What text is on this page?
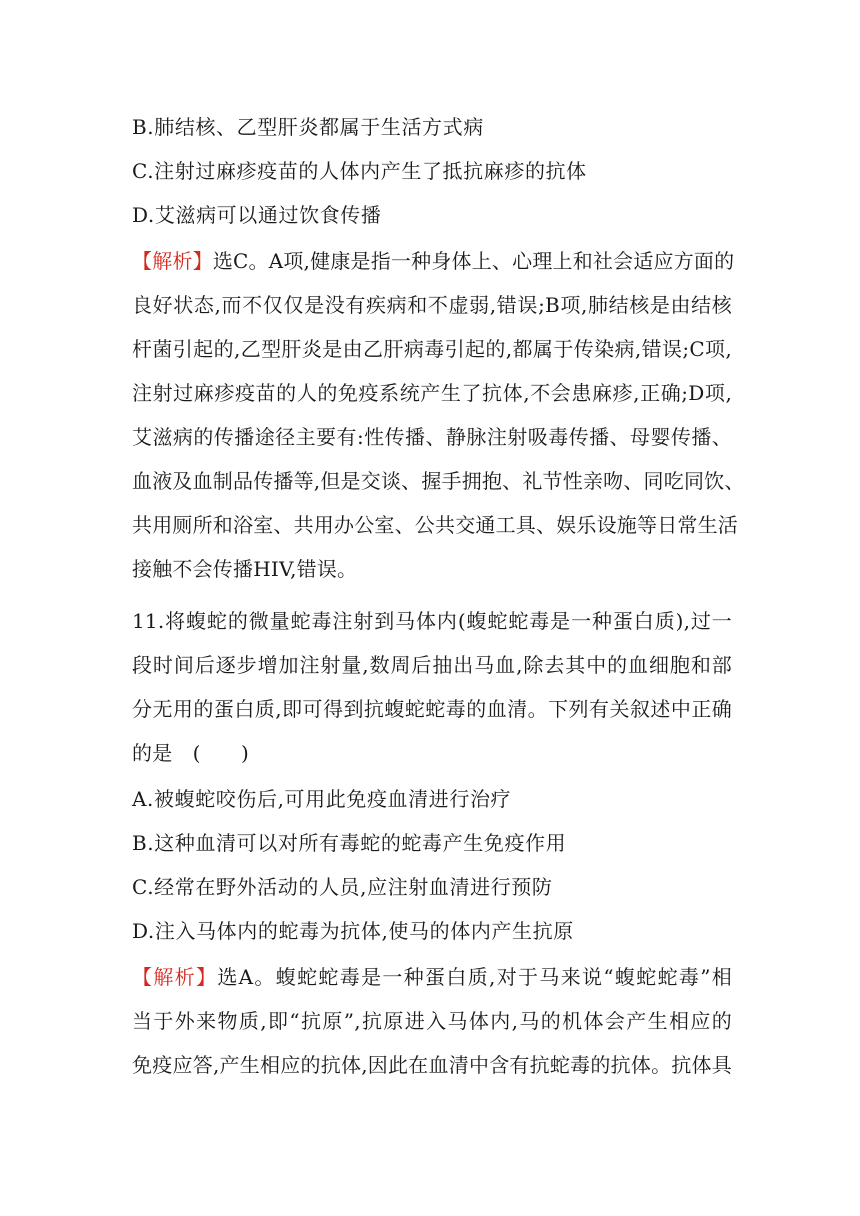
B.肺结核、乙型肝炎都属于生活方式病
C.注射过麻疹疫苗的人体内产生了抵抗麻疹的抗体
D.艾滋病可以通过饮食传播
【解析】选C。A项,健康是指一种身体上、心理上和社会适应方面的
良好状态,而不仅仅是没有疾病和不虚弱,错误;B项,肺结核是由结核
杆菌引起的,乙型肝炎是由乙肝病毒引起的,都属于传染病,错误;C项,
注射过麻疹疫苗的人的免疫系统产生了抗体,不会患麻疹,正确;D项,
艾滋病的传播途径主要有:性传播、静脉注射吸毒传播、母婴传播、
血液及血制品传播等,但是交谈、握手拥抱、礼节性亲吻、同吃同饮、
共用厕所和浴室、共用办公室、公共交通工具、娱乐设施等日常生活
接触不会传播HIV,错误。
11.将蝮蛇的微量蛇毒注射到马体内(蝮蛇蛇毒是一种蛋白质),过一
段时间后逐步增加注射量,数周后抽出马血,除去其中的血细胞和部
分无用的蛋白质,即可得到抗蝮蛇蛇毒的血清。下列有关叙述中正确
的是　(　　)
A.被蝮蛇咬伤后,可用此免疫血清进行治疗
B.这种血清可以对所有毒蛇的蛇毒产生免疫作用
C.经常在野外活动的人员,应注射血清进行预防
D.注入马体内的蛇毒为抗体,使马的体内产生抗原
【解析】选A。蝮蛇蛇毒是一种蛋白质,对于马来说“蝮蛇蛇毒”相
当于外来物质,即“抗原”,抗原进入马体内,马的机体会产生相应的
免疫应答,产生相应的抗体,因此在血清中含有抗蛇毒的抗体。抗体具
